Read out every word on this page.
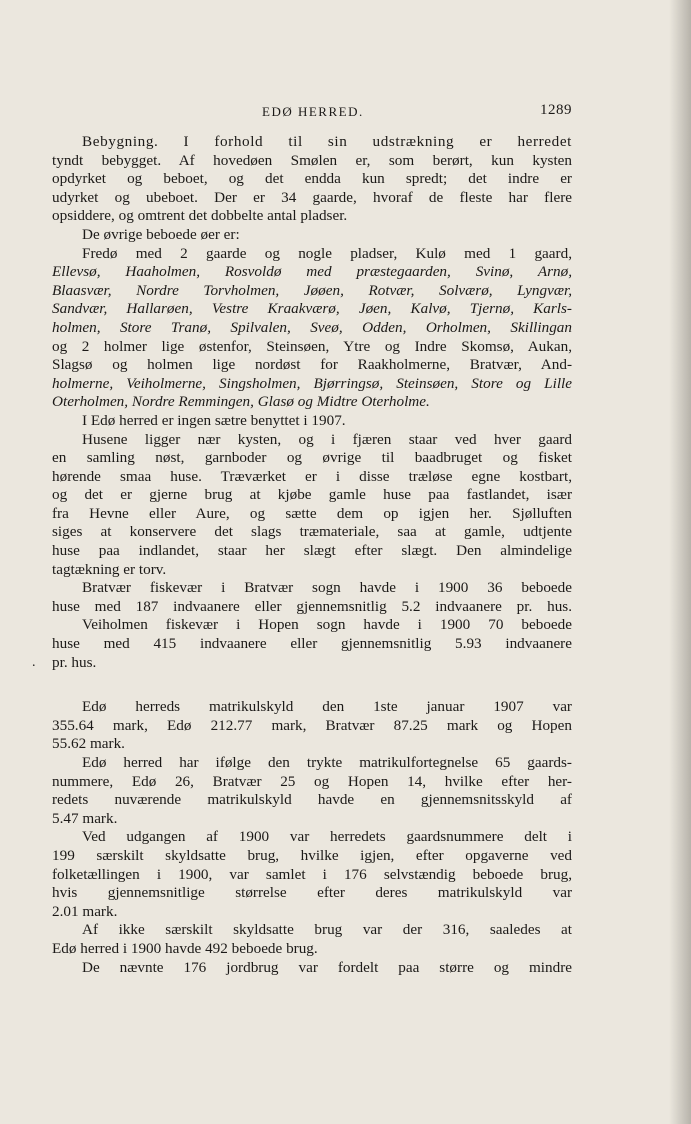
EDØ HERRED.	1289
.
Bebygning. I forhold til sin udstrækning er herredet
tyndt bebygget. Af hovedøen Smølen er, som berørt, kun kysten
opdyrket og beboet, og det endda kun spredt; det indre er
udyrket og ubeboet. Der er 34 gaarde, hvoraf de fleste har flere
opsiddere, og omtrent det dobbelte antal pladser.
De øvrige beboede øer er:
Fredø med 2 gaarde og nogle pladser, Kulø med 1 gaard,
Ellevsø, Haaholmen, Rosvoldø med præstegaarden, Svinø, Arnø,
Blaasvær, Nordre Torvholmen, Jøøen, Rotvær, Solværø, Lyngvær,
Sandvær, Hallarøen, Vestre Kraakværø, Jøen, Kalvø, Tjernø, Karls-
holmen, Store Tranø, Spilvalen, Sveø, Odden, Orholmen, Skillingan
og 2 holmer lige østenfor, Steinsøen, Ytre og Indre Skomsø, Aukan,
Slagsø og holmen lige nordøst for Raakholmerne, Bratvær, And-
holmerne, Veiholmerne, Singsholmen, Bjørringsø, Steinsøen, Store og Lille
Oterholmen, Nordre Remmingen, Glasø og Midtre Oterholme.
I Edø herred er ingen sætre benyttet i 1907.
Husene ligger nær kysten, og i fjæren staar ved hver gaard
en samling nøst, garnboder og øvrige til baadbruget og fisket
hørende smaa huse. Træværket er i disse træløse egne kostbart,
og det er gjerne brug at kjøbe gamle huse paa fastlandet, især
fra Hevne eller Aure, og sætte dem op igjen her. Sjølluften
siges at konservere det slags træmateriale, saa at gamle, udtjente
huse paa indlandet, staar her slægt efter slægt. Den almindelige
tagtækning er torv.
Bratvær fiskevær i Bratvær sogn havde i 1900 36 beboede
huse med 187 indvaanere eller gjennemsnitlig 5.2 indvaanere pr. hus.
Veiholmen fiskevær i Hopen sogn havde i 1900 70 beboede
huse med 415 indvaanere eller gjennemsnitlig 5.93 indvaanere
pr. hus.
Edø herreds matrikulskyld den 1ste januar 1907 var
355.64 mark, Edø 212.77 mark, Bratvær 87.25 mark og Hopen
55.62 mark.
Edø herred har ifølge den trykte matrikulfortegnelse 65 gaards-
nummere, Edø 26, Bratvær 25 og Hopen 14, hvilke efter her-
redets nuværende matrikulskyld havde en gjennemsnitsskyld af
5.47 mark.
Ved udgangen af 1900 var herredets gaardsnummere delt i
199 særskilt skyldsatte brug, hvilke igjen, efter opgaverne ved
folketællingen i 1900, var samlet i 176 selvstændig beboede brug,
hvis gjennemsnitlige størrelse efter deres matrikulskyld var
2.01 mark.
Af ikke særskilt skyldsatte brug var der 316, saaledes at
Edø herred i 1900 havde 492 beboede brug.
De nævnte 176 jordbrug var fordelt paa større og mindre
